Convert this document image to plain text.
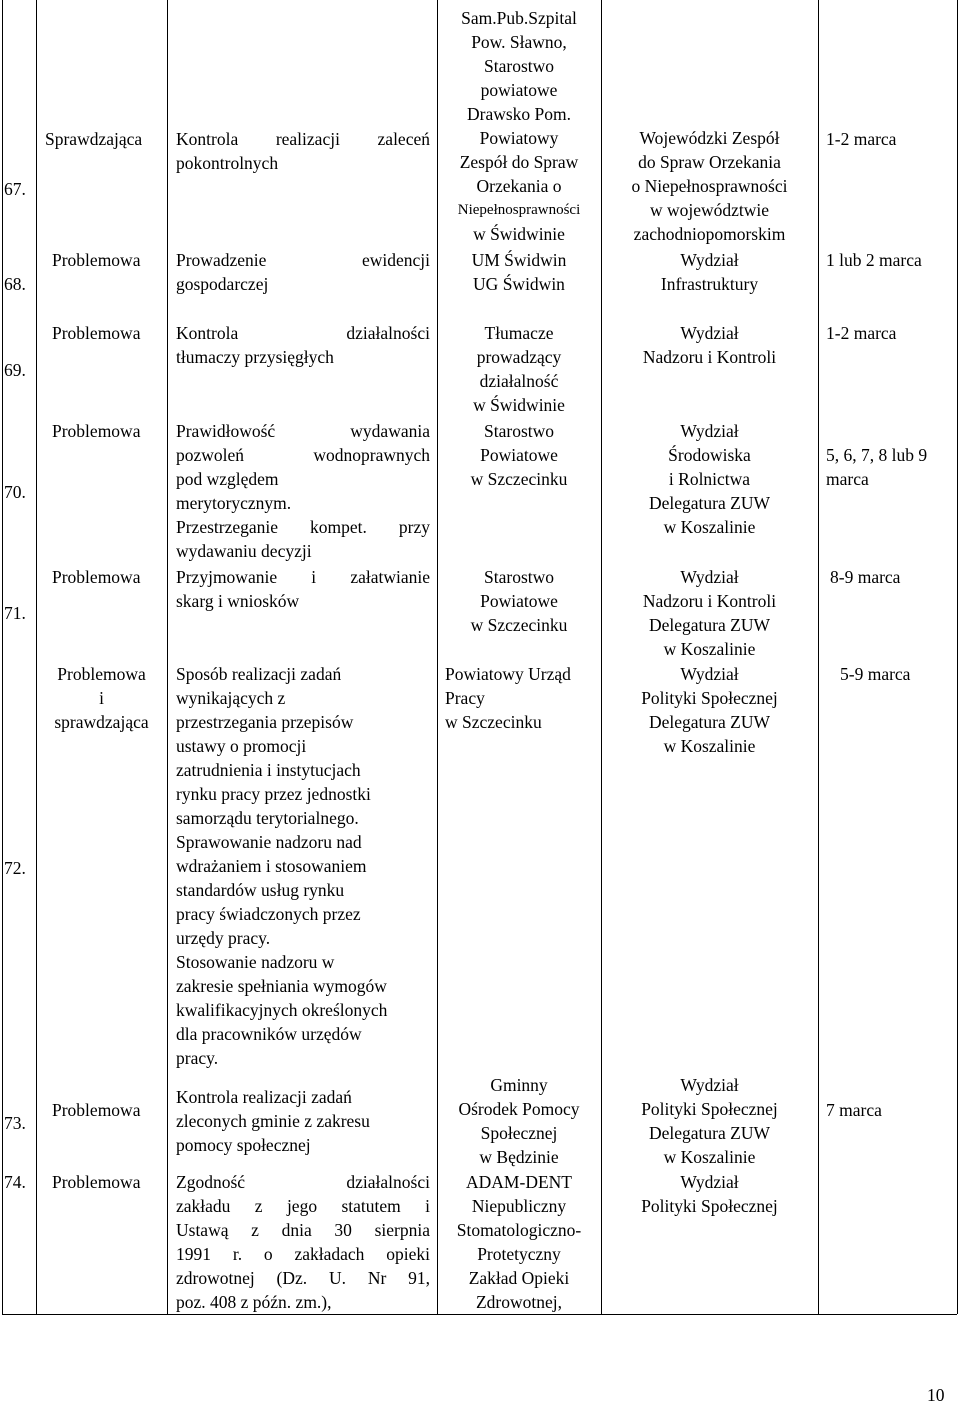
67.
Sprawdzająca Kontrola realizacji zaleceń
pokontrolnych
Sam.Pub.Szpital
Pow. Sławno,
Starostwo
powiatowe
Drawsko Pom.
Powiatowy
Zespół do Spraw
Orzekania o
Niepełnosprawności
w Świdwinie
Wojewódzki Zespół
do Spraw Orzekania
o Niepełnosprawności
w województwie
zachodniopomorskim
1-2 marca
68.
Problemowa Prowadzenie ewidencji
gospodarczej
UM Świdwin
UG Świdwin
Wydział
Infrastruktury
1 lub 2 marca
69.
Problemowa Kontrola działalności
tłumaczy przysięgłych
Tłumacze
prowadzący
działalność
w Świdwinie
Wydział
Nadzoru i Kontroli
1-2 marca
70.
Problemowa Prawidłowość wydawania
pozwoleń wodnoprawnych
pod względem
merytorycznym.
Przestrzeganie kompet. przy
wydawaniu decyzji
Starostwo
Powiatowe
w Szczecinku
Wydział
Środowiska
i Rolnictwa
Delegatura ZUW
w Koszalinie
5, 6, 7, 8 lub 9
marca
71.
Problemowa Przyjmowanie i załatwianie
skarg i wniosków
Starostwo
Powiatowe
w Szczecinku
Wydział
Nadzoru i Kontroli
Delegatura ZUW
w Koszalinie
8-9 marca
72.
Problemowa
i
sprawdzająca
Sposób realizacji zadań
wynikających z
przestrzegania przepisów
ustawy o promocji
zatrudnienia i instytucjach
rynku pracy przez jednostki
samorządu terytorialnego.
Sprawowanie nadzoru nad
wdrażaniem i stosowaniem
standardów usług rynku
pracy świadczonych przez
urzędy pracy.
Stosowanie nadzoru w
zakresie spełniania wymogów
kwalifikacyjnych określonych
dla pracowników urzędów
pracy.
Powiatowy Urząd
Pracy
w Szczecinku
Wydział
Polityki Społecznej
Delegatura ZUW
w Koszalinie
5-9 marca
73.
Problemowa
Kontrola realizacji zadań
zleconych gminie z zakresu
pomocy społecznej
Gminny
Ośrodek Pomocy
Społecznej
w Będzinie
Wydział
Polityki Społecznej
Delegatura ZUW
w Koszalinie
7 marca
74. Problemowa Zgodność działalności
zakładu z jego statutem i
Ustawą z dnia 30 sierpnia
1991 r. o zakładach opieki
zdrowotnej (Dz. U. Nr 91,
poz. 408 z późn. zm.),
ADAM-DENT
Niepubliczny
Stomatologiczno-
Protetyczny
Zakład Opieki
Zdrowotnej,
Wydział
Polityki Społecznej
10
